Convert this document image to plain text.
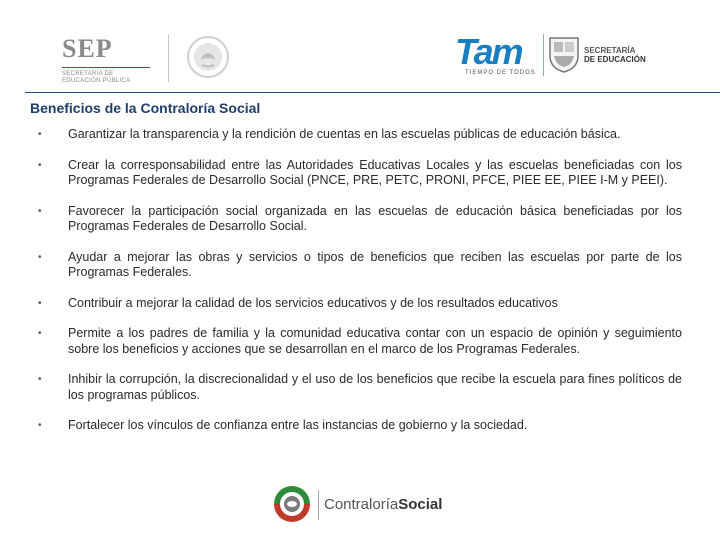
SEP
SECRETARÍA DE
EDUCACIÓN PÚBLICA
Tam
TIEMPO DE TODOS
SECRETARÍA
DE EDUCACIÓN
Beneficios de la Contraloría Social
• Garantizar la transparencia y la rendición de cuentas en las escuelas públicas de educación básica.
• Crear la corresponsabilidad entre las Autoridades Educativas Locales y las escuelas beneficiadas con los Programas Federales de Desarrollo Social (PNCE, PRE, PETC, PRONI, PFCE, PIEE EE, PIEE I-M y PEEI).
• Favorecer la participación social organizada en las escuelas de educación básica beneficiadas por los Programas Federales de Desarrollo Social.
• Ayudar a mejorar las obras y servicios o tipos de beneficios que reciben las escuelas por parte de los Programas Federales.
• Contribuir a mejorar la calidad de los servicios educativos y de los resultados educativos
• Permite a los padres de familia y la comunidad educativa contar con un espacio de opinión y seguimiento sobre los beneficios y acciones que se desarrollan en el marco de los Programas Federales.
• Inhibir la corrupción, la discrecionalidad y el uso de los beneficios que recibe la escuela para fines políticos de los programas públicos.
• Fortalecer los vínculos de confianza entre las instancias de gobierno y la sociedad.
ContraloríaSocial
